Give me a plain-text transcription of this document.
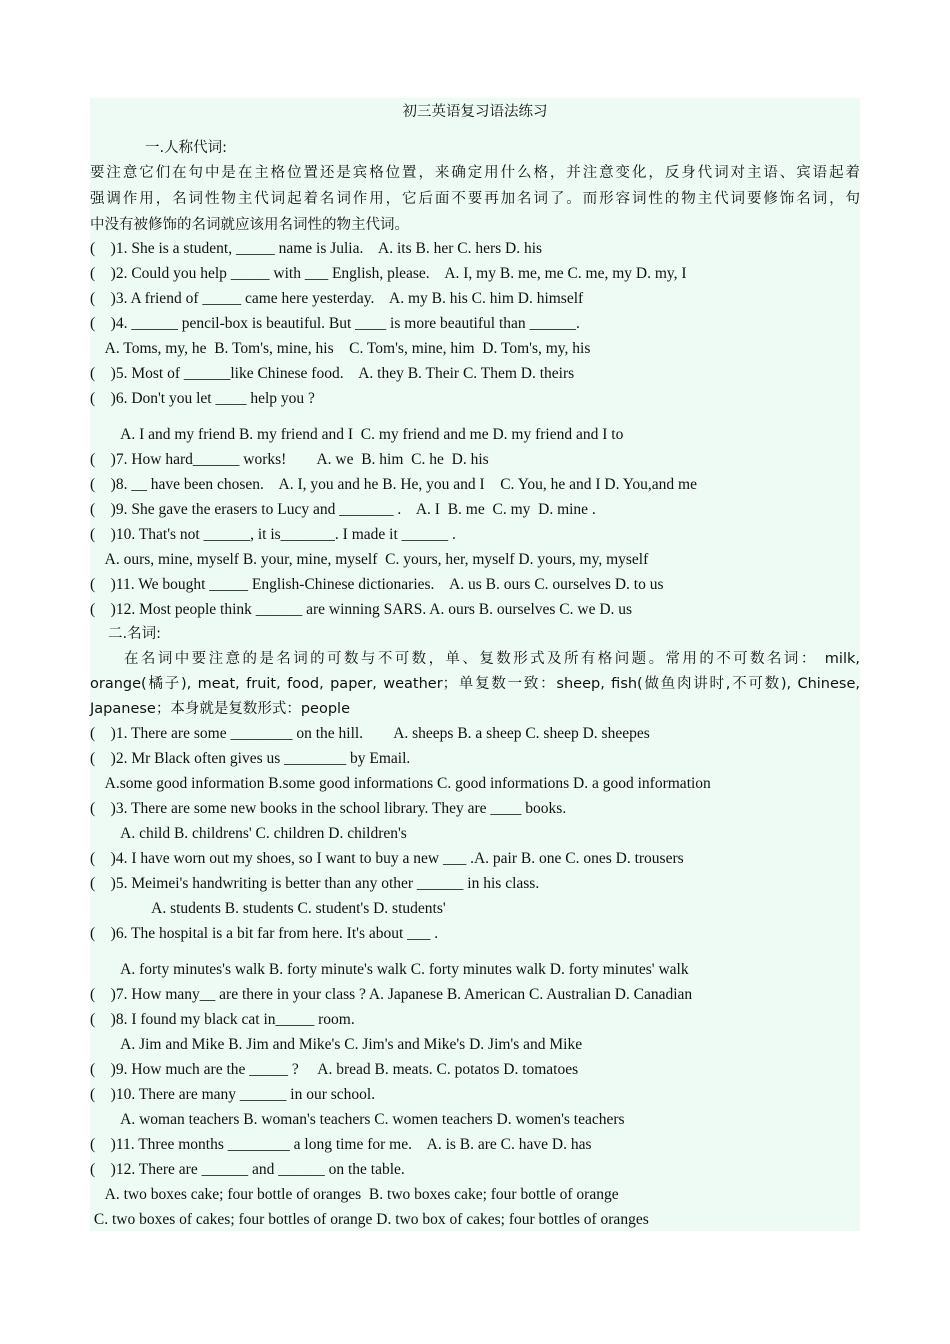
初三英语复习语法练习
一.人称代词:
要注意它们在句中是在主格位置还是宾格位置，来确定用什么格，并注意变化，反身代词对主语、宾语起着
强调作用，名词性物主代词起着名词作用，它后面不要再加名词了。而形容词性的物主代词要修饰名词，句
中没有被修饰的名词就应该用名词性的物主代词。
(    )1. She is a student, _____ name is Julia.    A. its B. her C. hers D. his
(    )2. Could you help _____ with ___ English, please.    A. I, my B. me, me C. me, my D. my, I
(    )3. A friend of _____ came here yesterday.    A. my B. his C. him D. himself
(    )4. ______ pencil-box is beautiful. But ____ is more beautiful than ______.
A. Toms, my, he  B. Tom's, mine, his    C. Tom's, mine, him  D. Tom's, my, his
(    )5. Most of ______like Chinese food.    A. they B. Their C. Them D. theirs
(    )6. Don't you let ____ help you ?
A. I and my friend B. my friend and I  C. my friend and me D. my friend and I to
(    )7. How hard______ works!        A. we  B. him  C. he  D. his
(    )8. __ have been chosen.    A. I, you and he B. He, you and I    C. You, he and I D. You,and me
(    )9. She gave the erasers to Lucy and _______ .    A. I  B. me  C. my  D. mine .
(    )10. That's not ______, it is_______. I made it ______ .
A. ours, mine, myself B. your, mine, myself  C. yours, her, myself D. yours, my, myself
(    )11. We bought _____ English-Chinese dictionaries.    A. us B. ours C. ourselves D. to us
(    )12. Most people think ______ are winning SARS. A. ours B. ourselves C. we D. us
二.名词:
在名词中要注意的是名词的可数与不可数，单、复数形式及所有格问题。常用的不可数名词： milk,
orange(橘子), meat, fruit, food, paper, weather；单复数一致：sheep, fish(做鱼肉讲时,不可数), Chinese,
Japanese；本身就是复数形式：people
(    )1. There are some ________ on the hill.        A. sheeps B. a sheep C. sheep D. sheepes
(    )2. Mr Black often gives us ________ by Email.
A.some good information B.some good informations C. good informations D. a good information
(    )3. There are some new books in the school library. They are ____ books.
A. child B. childrens' C. children D. children's
(    )4. I have worn out my shoes, so I want to buy a new ___ .A. pair B. one C. ones D. trousers
(    )5. Meimei's handwriting is better than any other ______ in his class.
A. students B. students C. student's D. students'
(    )6. The hospital is a bit far from here. It's about ___ .
A. forty minutes's walk B. forty minute's walk C. forty minutes walk D. forty minutes' walk
(    )7. How many__ are there in your class ? A. Japanese B. American C. Australian D. Canadian
(    )8. I found my black cat in_____ room.
A. Jim and Mike B. Jim and Mike's C. Jim's and Mike's D. Jim's and Mike
(    )9. How much are the _____ ?     A. bread B. meats. C. potatos D. tomatoes
(    )10. There are many ______ in our school.
A. woman teachers B. woman's teachers C. women teachers D. women's teachers
(    )11. Three months ________ a long time for me.    A. is B. are C. have D. has
(    )12. There are ______ and ______ on the table.
A. two boxes cake; four bottle of oranges  B. two boxes cake; four bottle of orange
C. two boxes of cakes; four bottles of orange D. two box of cakes; four bottles of oranges
